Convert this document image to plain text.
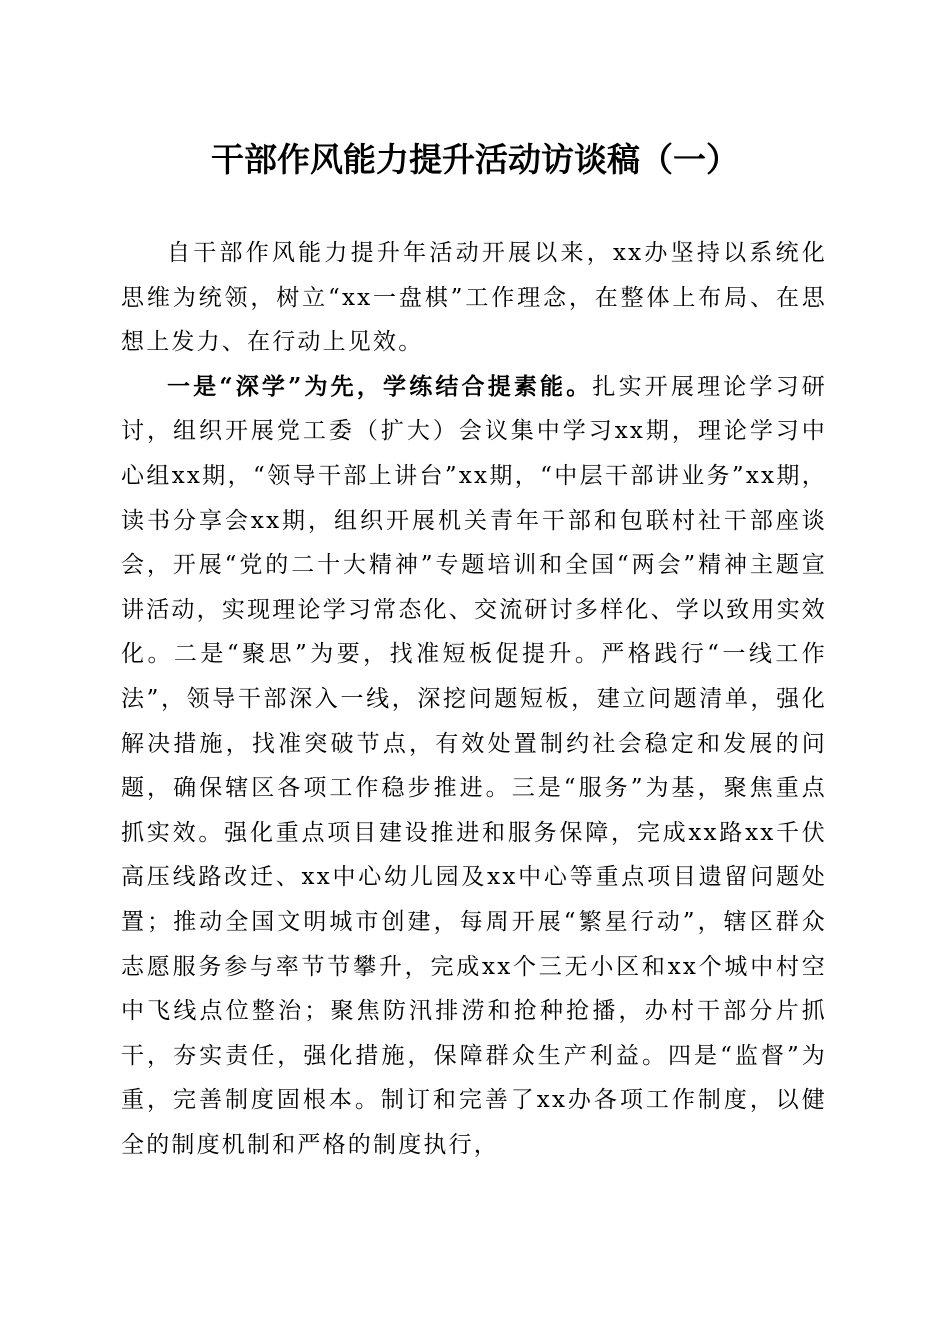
干部作风能力提升活动访谈稿（一）

自干部作风能力提升年活动开展以来，xx办坚持以系统化思维为统领，树立“xx一盘棋”工作理念，在整体上布局、在思想上发力、在行动上见效。

一是“深学”为先，学练结合提素能。扎实开展理论学习研讨，组织开展党工委（扩大）会议集中学习xx期，理论学习中心组xx期，“领导干部上讲台”xx期，“中层干部讲业务”xx期，读书分享会xx期，组织开展机关青年干部和包联村社干部座谈会，开展“党的二十大精神”专题培训和全国“两会”精神主题宣讲活动，实现理论学习常态化、交流研讨多样化、学以致用实效化。二是“聚思”为要，找准短板促提升。严格践行“一线工作法”，领导干部深入一线，深挖问题短板，建立问题清单，强化解决措施，找准突破节点，有效处置制约社会稳定和发展的问题，确保辖区各项工作稳步推进。三是“服务”为基，聚焦重点抓实效。强化重点项目建设推进和服务保障，完成xx路xx千伏高压线路改迁、xx中心幼儿园及xx中心等重点项目遗留问题处置；推动全国文明城市创建，每周开展“繁星行动”，辖区群众志愿服务参与率节节攀升，完成xx个三无小区和xx个城中村空中飞线点位整治；聚焦防汛排涝和抢种抢播，办村干部分片抓干，夯实责任，强化措施，保障群众生产利益。四是“监督”为重，完善制度固根本。制订和完善了xx办各项工作制度，以健全的制度机制和严格的制度执行，
